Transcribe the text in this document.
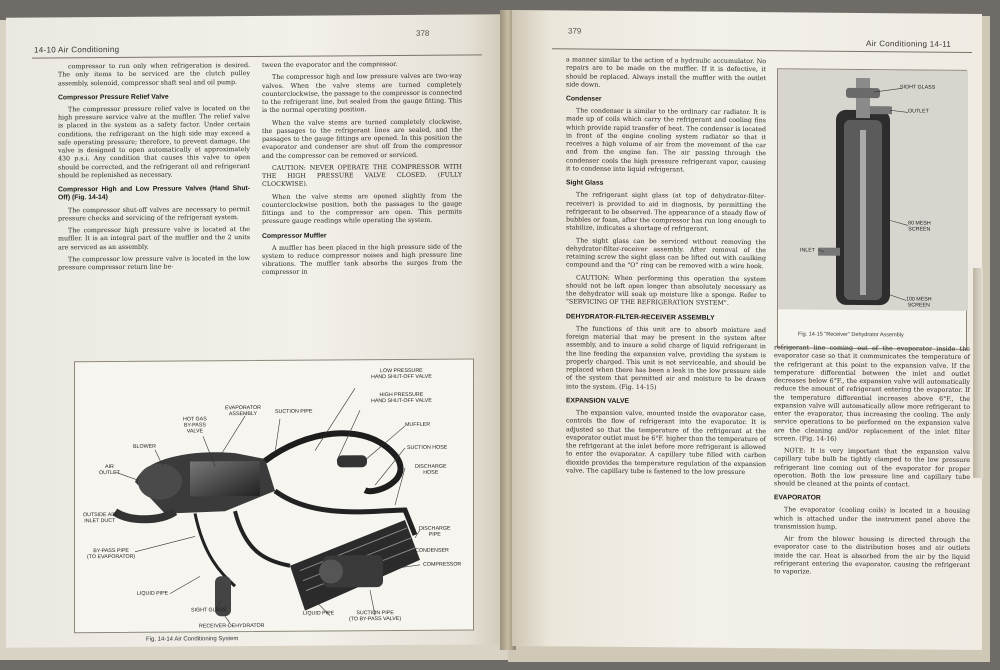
14-10 Air Conditioning
378

compressor to run only when refrigeration is desired. The only items to be serviced are the clutch pulley assembly, solenoid, compressor shaft seal and oil pump.

Compressor Pressure Relief Valve

The compressor pressure relief valve is located on the high pressure service valve at the muffler. The relief valve is placed in the system as a safety factor. Under certain conditions, the refrigerant on the high side may exceed a safe operating pressure; therefore, to prevent damage, the valve is designed to open automatically at approximately 430 p.s.i. Any condition that causes this valve to open should be corrected, and the refrigerant oil and refrigerant should be replenished as necessary.

Compressor High and Low Pressure Valves (Hand Shut-Off) (Fig. 14-14)

The compressor shut-off valves are necessary to permit pressure checks and servicing of the refrigerant system.

The compressor high pressure valve is located at the muffler. It is an integral part of the muffler and the 2 units are serviced as an assembly.

The compressor low pressure valve is located in the low pressure compressor return line be-

tween the evaporator and the compressor.

The compressor high and low pressure valves are two-way valves. When the valve stems are turned completely counterclockwise, the passage to the compressor is connected to the refrigerant line, but sealed from the gauge fitting. This is the normal operating position.

When the valve stems are turned completely clockwise, the passages to the refrigerant lines are sealed, and the passages to the gauge fittings are opened. In this position the evaporator and condenser are shut off from the compressor and the compressor can be removed or serviced.

CAUTION: NEVER OPERATE THE COMPRESSOR WITH THE HIGH PRESSURE VALVE CLOSED. (FULLY CLOCKWISE).

When the valve stems are opened slightly from the counterclockwise position, both the passages to the gauge fittings and to the compressor are open. This permits pressure gauge readings while operating the system.

Compressor Muffler

A muffler has been placed in the high pressure side of the system to reduce compressor noises and high pressure line vibrations. The muffler tank absorbs the surges from the compressor in

LOW PRESSURE
HAND SHUT-OFF VALVE
HIGH PRESSURE
HAND SHUT-OFF VALVE
EVAPORATOR
ASSEMBLY	SUCTION PIPE
HOT GAS
BY-PASS
VALVE
MUFFLER
BLOWER	SUCTION HOSE
AIR
OUTLET
DISCHARGE
HOSE
OUTSIDE AIR
INLET DUCT
DISCHARGE
PIPE
BY-PASS PIPE
(TO EVAPORATOR)
CONDENSER
COMPRESSOR
LIQUID PIPE
SIGHT GLASS
LIQUID PIPE	SUCTION PIPE
(TO BY-PASS VALVE)
RECEIVER-DEHYDRATOR
Fig. 14-14 Air Conditioning System
379
Air Conditioning 14-11

a manner similar to the action of a hydraulic accumulator. No repairs are to be made on the muffler. If it is defective, it should be replaced. Always install the muffler with the outlet side down.

Condenser

The condenser is similar to the ordinary car radiator. It is made up of coils which carry the refrigerant and cooling fins which provide rapid transfer of heat. The condenser is located in front of the engine cooling system radiator so that it receives a high volume of air from the movement of the car and from the engine fan. The air passing through the condenser cools the high pressure refrigerant vapor, causing it to condense into liquid refrigerant.

Sight Glass

The refrigerant sight glass (at top of dehydrator-filter-receiver) is provided to aid in diagnosis, by permitting the refrigerant to be observed. The appearance of a steady flow of bubbles or foam, after the compressor has run long enough to stabilize, indicates a shortage of refrigerant.

The sight glass can be serviced without removing the dehydrator-filter-receiver assembly. After removal of the retaining screw the sight glass can be lifted out with caulking compound and the "O" ring can be removed with a wire hook.

CAUTION: When performing this operation the system should not be left open longer than absolutely necessary as the dehydrator will soak up moisture like a sponge. Refer to "SERVICING OF THE REFRIGERATION SYSTEM".

DEHYDRATOR-FILTER-RECEIVER ASSEMBLY

The functions of this unit are to absorb moisture and foreign material that may be present in the system after assembly, and to insure a solid charge of liquid refrigerant in the line feeding the expansion valve, providing the system is properly charged. This unit is not serviceable, and should be replaced when there has been a leak in the low pressure side of the system that permitted air and moisture to be drawn into the system. (Fig. 14-15)

EXPANSION VALVE

The expansion valve, mounted inside the evaporator case, controls the flow of refrigerant into the evaporator. It is adjusted so that the temperature of the refrigerant at the evaporator outlet must be 6°F. higher than the temperature of the refrigerant at the inlet before more refrigerant is allowed to enter the evaporator. A capillary tube filled with carbon dioxide provides the temperature regulation of the expansion valve. The capillary tube is fastened to the low pressure

SIGHT GLASS
OUTLET
80 MESH
SCREEN
INLET
100 MESH
SCREEN
Fig. 14-15 "Receiver" Dehydrator Assembly

refrigerant line coming out of the evaporator inside the evaporator case so that it communicates the temperature of the refrigerant at this point to the expansion valve. If the temperature differential between the inlet and outlet decreases below 6°F., the expansion valve will automatically reduce the amount of refrigerant entering the evaporator. If the temperature differential increases above 6°F., the expansion valve will automatically allow more refrigerant to enter the evaporator, thus increasing the cooling. The only service operations to be performed on the expansion valve are the cleaning and/or replacement of the inlet filter screen. (Fig. 14-16)

NOTE: It is very important that the expansion valve capillary tube bulb be tightly clamped to the low pressure refrigerant line coming out of the evaporator for proper operation. Both the low pressure line and capillary tube should be cleaned at the points of contact.

EVAPORATOR

The evaporator (cooling coils) is located in a housing which is attached under the instrument panel above the transmission hump.

Air from the blower housing is directed through the evaporator case to the distribution hoses and air outlets inside the car. Heat is absorbed from the air by the liquid refrigerant entering the evaporator, causing the refrigerant to vaporize.
